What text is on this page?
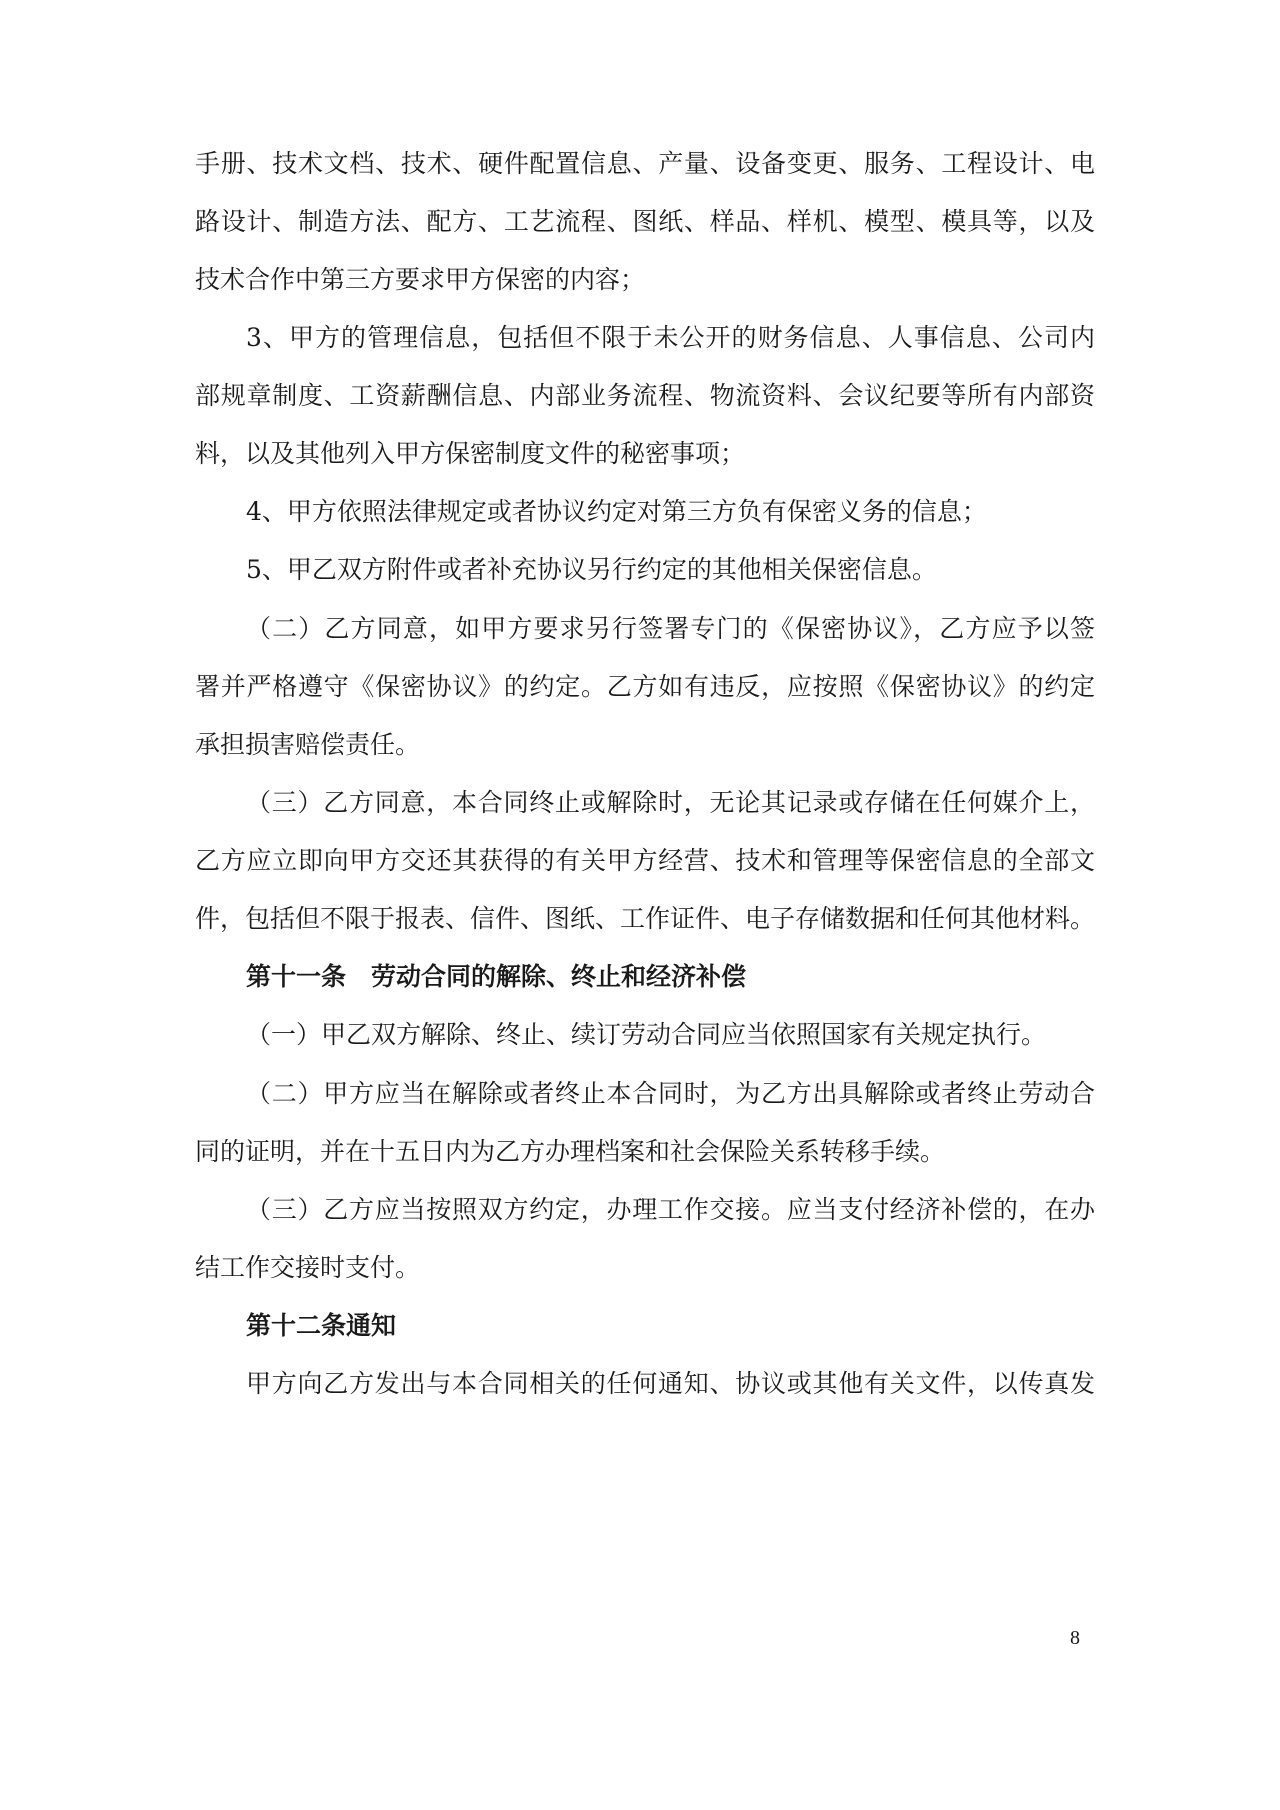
手册、技术文档、技术、硬件配置信息、产量、设备变更、服务、工程设计、电
路设计、制造方法、配方、工艺流程、图纸、样品、样机、模型、模具等，以及
技术合作中第三方要求甲方保密的内容；
3、甲方的管理信息，包括但不限于未公开的财务信息、人事信息、公司内
部规章制度、工资薪酬信息、内部业务流程、物流资料、会议纪要等所有内部资
料，以及其他列入甲方保密制度文件的秘密事项；
4、甲方依照法律规定或者协议约定对第三方负有保密义务的信息；
5、甲乙双方附件或者补充协议另行约定的其他相关保密信息。
（二）乙方同意，如甲方要求另行签署专门的《保密协议》，乙方应予以签
署并严格遵守《保密协议》的约定。乙方如有违反，应按照《保密协议》的约定
承担损害赔偿责任。
（三）乙方同意，本合同终止或解除时，无论其记录或存储在任何媒介上，
乙方应立即向甲方交还其获得的有关甲方经营、技术和管理等保密信息的全部文
件，包括但不限于报表、信件、图纸、工作证件、电子存储数据和任何其他材料。
第十一条　劳动合同的解除、终止和经济补偿
（一）甲乙双方解除、终止、续订劳动合同应当依照国家有关规定执行。
（二）甲方应当在解除或者终止本合同时，为乙方出具解除或者终止劳动合
同的证明，并在十五日内为乙方办理档案和社会保险关系转移手续。
（三）乙方应当按照双方约定，办理工作交接。应当支付经济补偿的，在办
结工作交接时支付。
第十二条通知
甲方向乙方发出与本合同相关的任何通知、协议或其他有关文件，以传真发
8
